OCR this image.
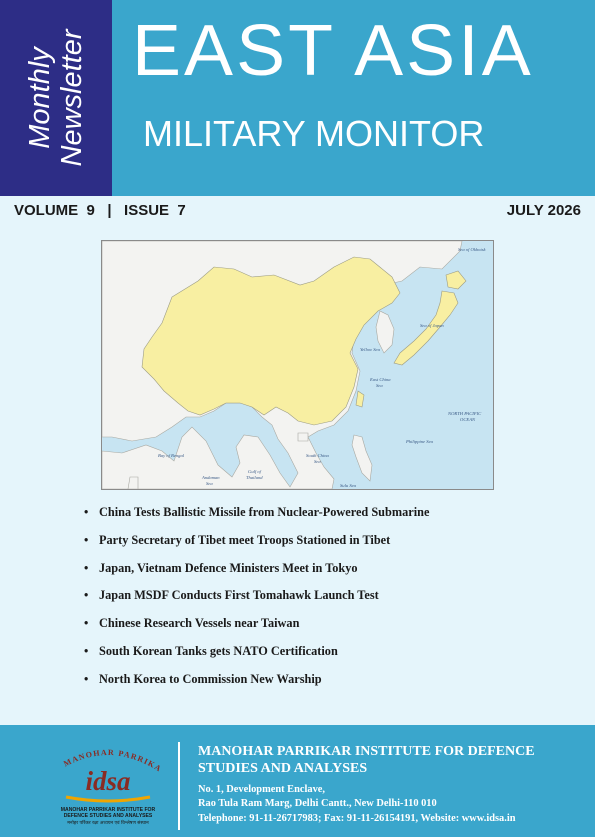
Monthly Newsletter EAST ASIA
MILITARY MONITOR
VOLUME  9   |   ISSUE  7	JULY 2026
Sea of Okhotsk
Sea of Japan
Yellow Sea
East China
Sea
NORTH PACIFIC
OCEAN
Philippine Sea
Bay of Bengal	South China
Sea
Andaman
Sea
Gulf of
Thailand
Sulu Sea
• China Tests Ballistic Missile from Nuclear-Powered Submarine
• Party Secretary of Tibet meet Troops Stationed in Tibet
• Japan, Vietnam Defence Ministers Meet in Tokyo
• Japan MSDF Conducts First Tomahawk Launch Test
• Chinese Research Vessels near Taiwan
• South Korean Tanks gets NATO Certification
• North Korea to Commission New Warship
MANOHAR PARRIKA
idsa
MANOHAR PARRIKAR INSTITUTE FOR
DEFENCE STUDIES AND ANALYSES
मनोहर पर्रिकर रक्षा अध्ययन एवं विश्लेषण संस्थान
MANOHAR PARRIKAR INSTITUTE FOR DEFENCE
STUDIES AND ANALYSES
No. 1, Development Enclave,
Rao Tula Ram Marg, Delhi Cantt., New Delhi-110 010
Telephone: 91-11-26717983; Fax: 91-11-26154191, Website: www.idsa.in
